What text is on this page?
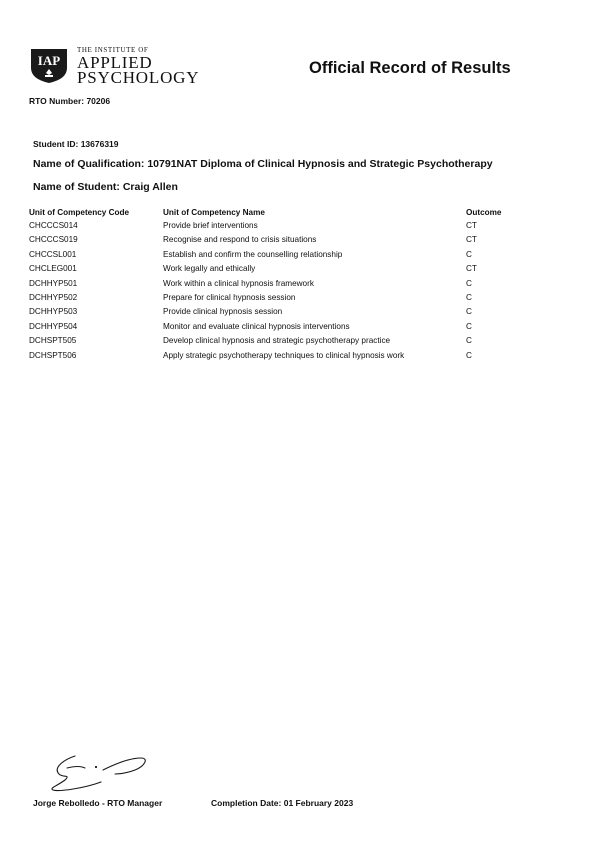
IAP
THE INSTITUTE OF
APPLIED
PSYCHOLOGY	Official Record of Results
RTO Number: 70206
Student ID: 13676319
Name of Qualification: 10791NAT Diploma of Clinical Hypnosis and Strategic Psychotherapy
Name of Student: Craig Allen
Unit of Competency Code	Unit of Competency Name	Outcome
CHCCCS014	Provide brief interventions	CT
CHCCCS019	Recognise and respond to crisis situations	CT
CHCCSL001	Establish and confirm the counselling relationship	C
CHCLEG001	Work legally and ethically	CT
DCHHYP501	Work within a clinical hypnosis framework	C
DCHHYP502	Prepare for clinical hypnosis session	C
DCHHYP503	Provide clinical hypnosis session	C
DCHHYP504	Monitor and evaluate clinical hypnosis interventions	C
DCHSPT505	Develop clinical hypnosis and strategic psychotherapy practice	C
DCHSPT506	Apply strategic psychotherapy techniques to clinical hypnosis work	C
Jorge Rebolledo - RTO Manager	Completion Date: 01 February 2023
